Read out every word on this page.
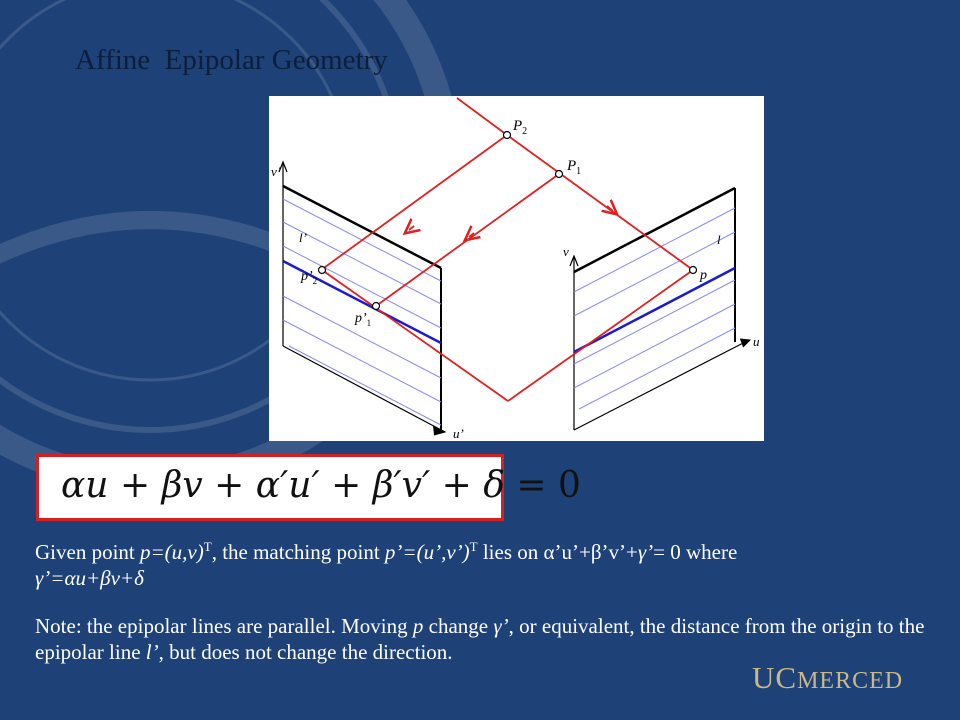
Affine  Epipolar Geometry
$P_2$
$P_1$
v’
l’
$p’_2$
$p’_1$
u’
v
l
p
u
αu + βv + α′u′ + β′v′ + δ = 0
Given point $p=(u,v)^T$, the matching point p’=(u’,v’)$^T$ lies on α’u’+β’v’+γ’= 0 where
γ’=αu+βv+δ
Note: the epipolar lines are parallel. Moving p change γ’, or equivalent, the distance from the origin to the epipolar line l’, but does not change the direction.
UCMERCED
